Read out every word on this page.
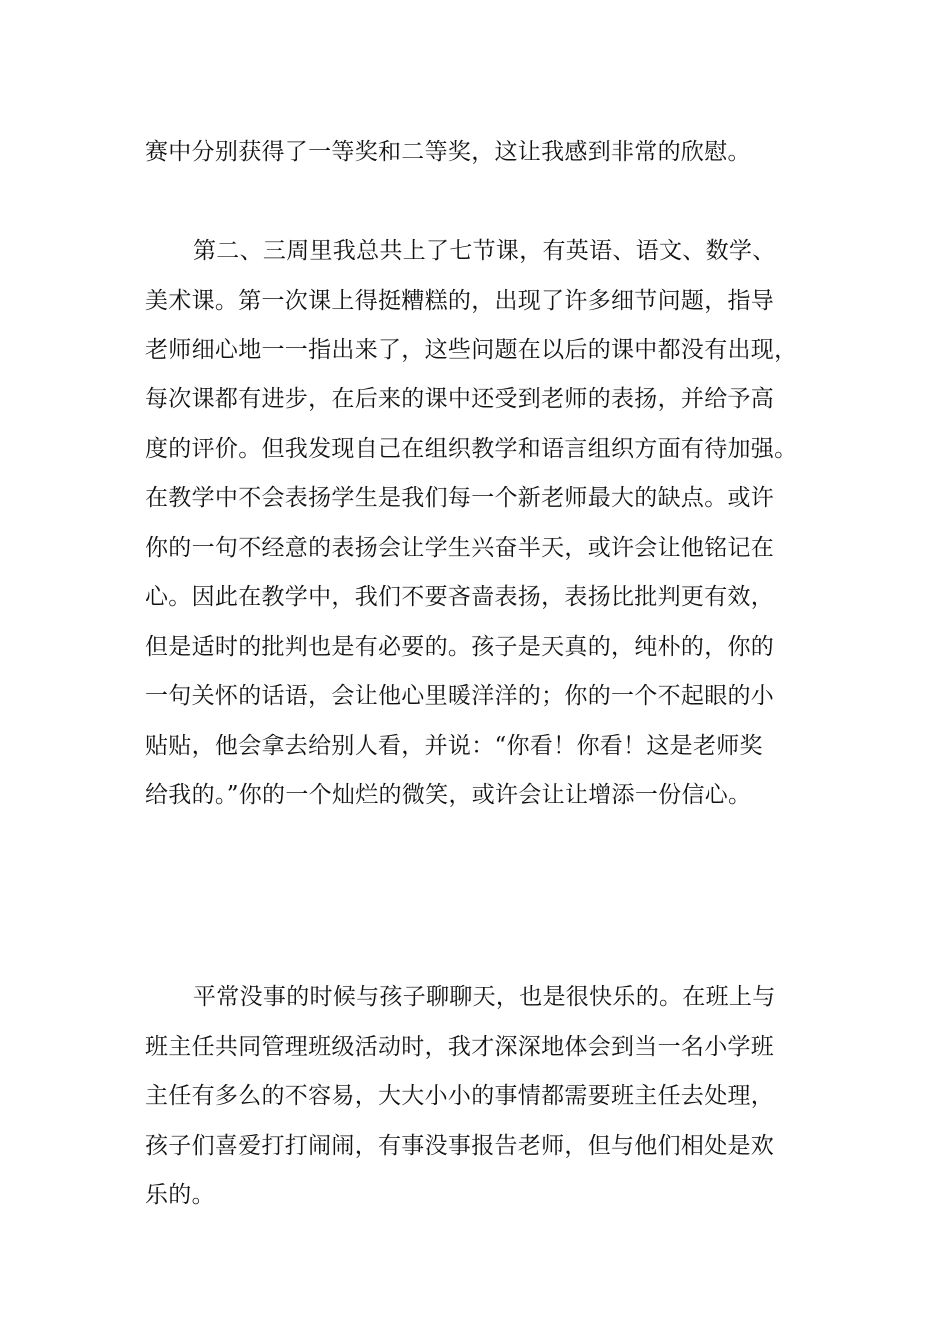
赛中分别获得了一等奖和二等奖，这让我感到非常的欣慰。
第二、三周里我总共上了七节课，有英语、语文、数学、
美术课。第一次课上得挺糟糕的，出现了许多细节问题，指导
老师细心地一一指出来了，这些问题在以后的课中都没有出现，
每次课都有进步，在后来的课中还受到老师的表扬，并给予高
度的评价。但我发现自己在组织教学和语言组织方面有待加强。
在教学中不会表扬学生是我们每一个新老师最大的缺点。或许
你的一句不经意的表扬会让学生兴奋半天，或许会让他铭记在
心。因此在教学中，我们不要吝啬表扬，表扬比批判更有效，
但是适时的批判也是有必要的。孩子是天真的，纯朴的，你的
一句关怀的话语，会让他心里暖洋洋的；你的一个不起眼的小
贴贴，他会拿去给别人看，并说：“你看！你看！这是老师奖
给我的。”你的一个灿烂的微笑，或许会让让增添一份信心。
平常没事的时候与孩子聊聊天，也是很快乐的。在班上与
班主任共同管理班级活动时，我才深深地体会到当一名小学班
主任有多么的不容易，大大小小的事情都需要班主任去处理，
孩子们喜爱打打闹闹，有事没事报告老师，但与他们相处是欢
乐的。
